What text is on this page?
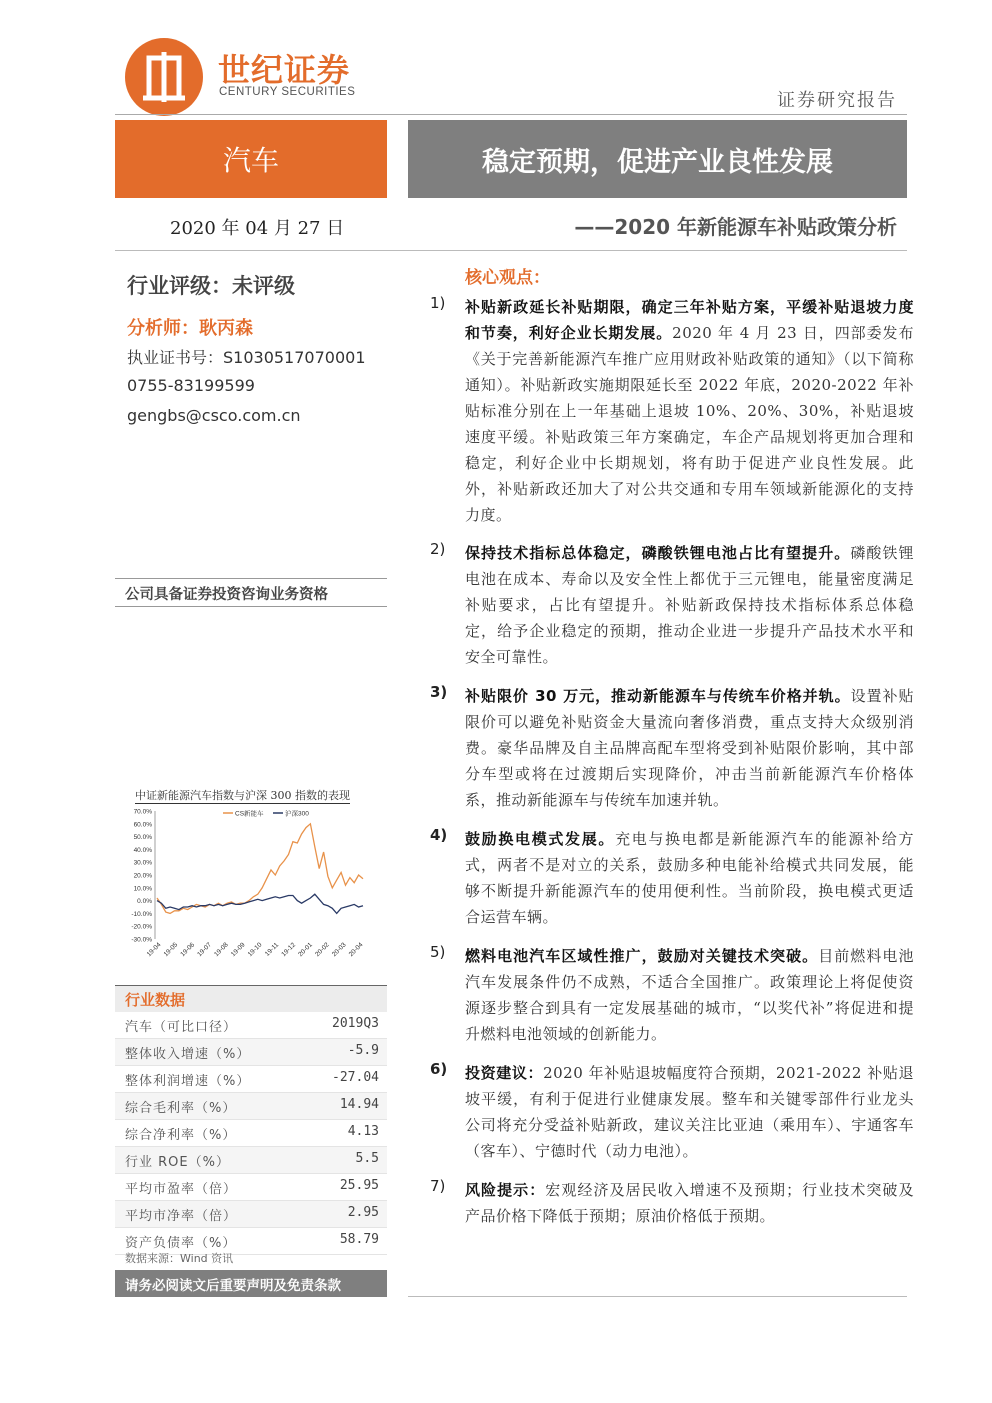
世纪证券
CENTURY SECURITIES	证券研究报告
汽车	稳定预期，促进产业良性发展
2020 年 04 月 27 日	——2020 年新能源车补贴政策分析
行业评级：未评级
分析师：耿丙森
执业证书号：S1030517070001
0755-83199599
gengbs@csco.com.cn
公司具备证券投资咨询业务资格
中证新能源汽车指数与沪深 300 指数的表现
70.0%
60.0%
50.0%
40.0%
30.0%
20.0%
10.0%
0.0%
-10.0%
-20.0%
-30.0%
19-04 19-05 19-06 19-07 19-08 19-09 19-10 19-11 19-12 20-01 20-02 20-03 20-04
CS新能车	沪深300
行业数据
汽车（可比口径）	2019Q3
整体收入增速（%）	-5.9
整体利润增速（%）	-27.04
综合毛利率（%）	14.94
综合净利率（%）	4.13
行业 ROE（%）	5.5
平均市盈率（倍）	25.95
平均市净率（倍）	2.95
资产负债率（%）	58.79
数据来源：Wind 资讯
请务必阅读文后重要声明及免责条款
核心观点：
1)	补贴新政延长补贴期限，确定三年补贴方案，平缓补贴退坡力度和节奏，利好企业长期发展。2020 年 4 月 23 日，四部委发布《关于完善新能源汽车推广应用财政补贴政策的通知》（以下简称通知）。补贴新政实施期限延长至 2022 年底，2020-2022 年补贴标准分别在上一年基础上退坡 10%、20%、30%，补贴退坡速度平缓。补贴政策三年方案确定，车企产品规划将更加合理和稳定，利好企业中长期规划，将有助于促进产业良性发展。此外，补贴新政还加大了对公共交通和专用车领域新能源化的支持力度。
2)	保持技术指标总体稳定，磷酸铁锂电池占比有望提升。磷酸铁锂电池在成本、寿命以及安全性上都优于三元锂电，能量密度满足补贴要求，占比有望提升。补贴新政保持技术指标体系总体稳定，给予企业稳定的预期，推动企业进一步提升产品技术水平和安全可靠性。
3)	补贴限价 30 万元，推动新能源车与传统车价格并轨。设置补贴限价可以避免补贴资金大量流向奢侈消费，重点支持大众级别消费。豪华品牌及自主品牌高配车型将受到补贴限价影响，其中部分车型或将在过渡期后实现降价，冲击当前新能源汽车价格体系，推动新能源车与传统车加速并轨。
4)	鼓励换电模式发展。充电与换电都是新能源汽车的能源补给方式，两者不是对立的关系，鼓励多种电能补给模式共同发展，能够不断提升新能源汽车的使用便利性。当前阶段，换电模式更适合运营车辆。
5)	燃料电池汽车区域性推广，鼓励对关键技术突破。目前燃料电池汽车发展条件仍不成熟，不适合全国推广。政策理论上将促使资源逐步整合到具有一定发展基础的城市，“以奖代补”将促进和提升燃料电池领域的创新能力。
6)	投资建议：2020 年补贴退坡幅度符合预期，2021-2022 补贴退坡平缓，有利于促进行业健康发展。整车和关键零部件行业龙头公司将充分受益补贴新政，建议关注比亚迪（乘用车）、宇通客车（客车）、宁德时代（动力电池）。
7)	风险提示：宏观经济及居民收入增速不及预期；行业技术突破及产品价格下降低于预期；原油价格低于预期。
